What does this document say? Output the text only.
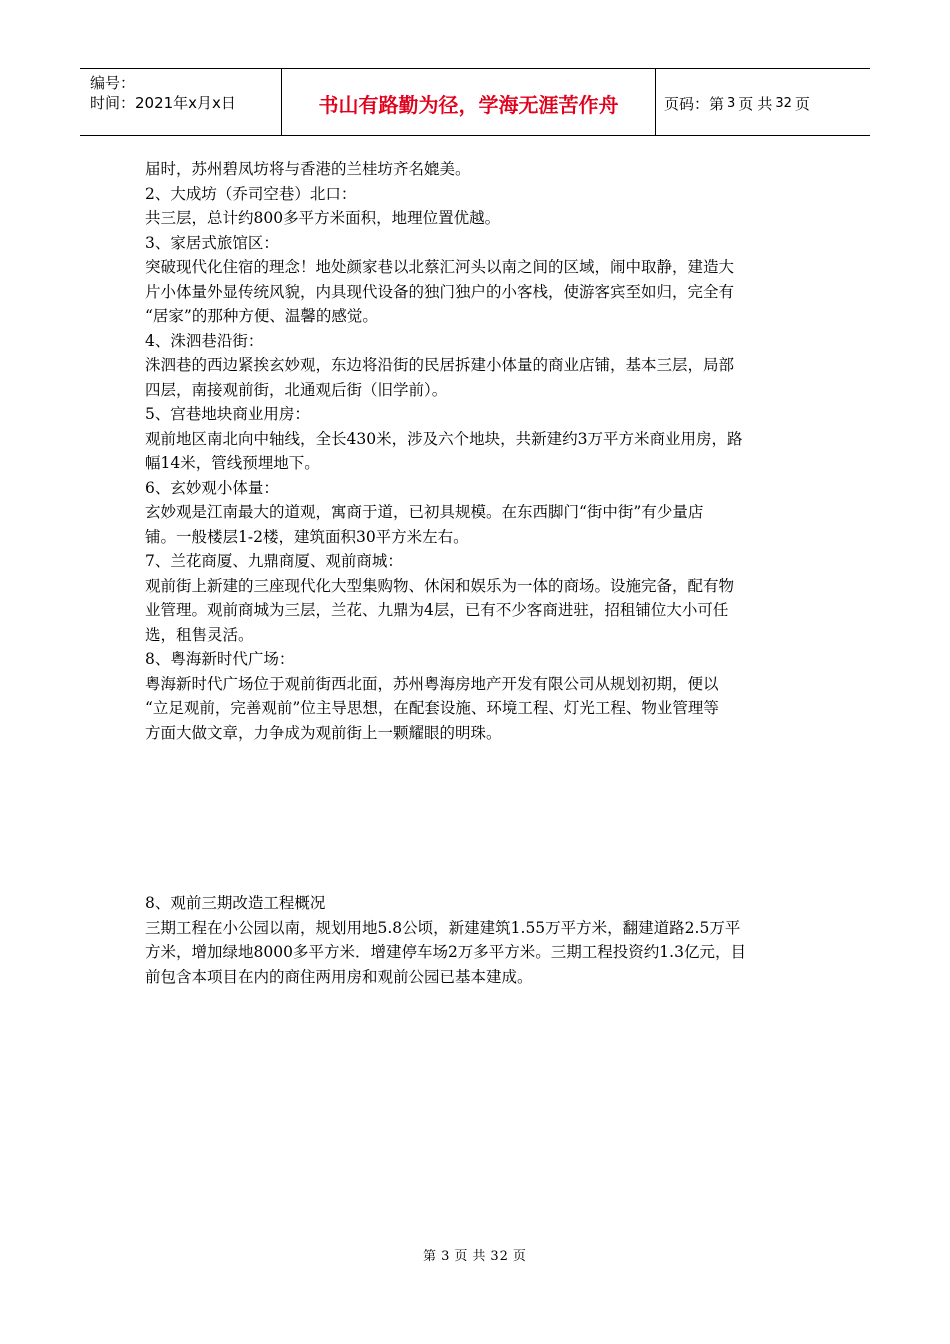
编号：
时间：2021年x月x日	书山有路勤为径，学海无涯苦作舟	页码：第 3 页 共 32 页

届时，苏州碧凤坊将与香港的兰桂坊齐名媲美。

2、大成坊（乔司空巷）北口：

共三层，总计约800多平方米面积，地理位置优越。

3、家居式旅馆区：

突破现代化住宿的理念！地处颜家巷以北蔡汇河头以南之间的区域，闹中取静，建造大

片小体量外显传统风貌，内具现代设备的独门独户的小客栈，使游客宾至如归，完全有

“居家”的那种方便、温馨的感觉。

4、洙泗巷沿街：

洙泗巷的西边紧挨玄妙观，东边将沿街的民居拆建小体量的商业店铺，基本三层，局部

四层，南接观前街，北通观后街（旧学前）。

5、宫巷地块商业用房：

观前地区南北向中轴线，全长430米，涉及六个地块，共新建约3万平方米商业用房，路

幅14米，管线预埋地下。

6、玄妙观小体量：

玄妙观是江南最大的道观，寓商于道，已初具规模。在东西脚门“街中街”有少量店

铺。一般楼层1-2楼，建筑面积30平方米左右。

7、兰花商厦、九鼎商厦、观前商城：

观前街上新建的三座现代化大型集购物、休闲和娱乐为一体的商场。设施完备，配有物

业管理。观前商城为三层，兰花、九鼎为4层，已有不少客商进驻，招租铺位大小可任

选，租售灵活。

8、粤海新时代广场：

粤海新时代广场位于观前街西北面，苏州粤海房地产开发有限公司从规划初期，便以

“立足观前，完善观前”位主导思想，在配套设施、环境工程、灯光工程、物业管理等

方面大做文章，力争成为观前街上一颗耀眼的明珠。

8、观前三期改造工程概况

三期工程在小公园以南，规划用地5.8公顷，新建建筑1.55万平方米，翻建道路2.5万平

方米，增加绿地8000多平方米．增建停车场2万多平方米。三期工程投资约1.3亿元，目

前包含本项目在内的商住两用房和观前公园已基本建成。

第 3 页 共 32 页
